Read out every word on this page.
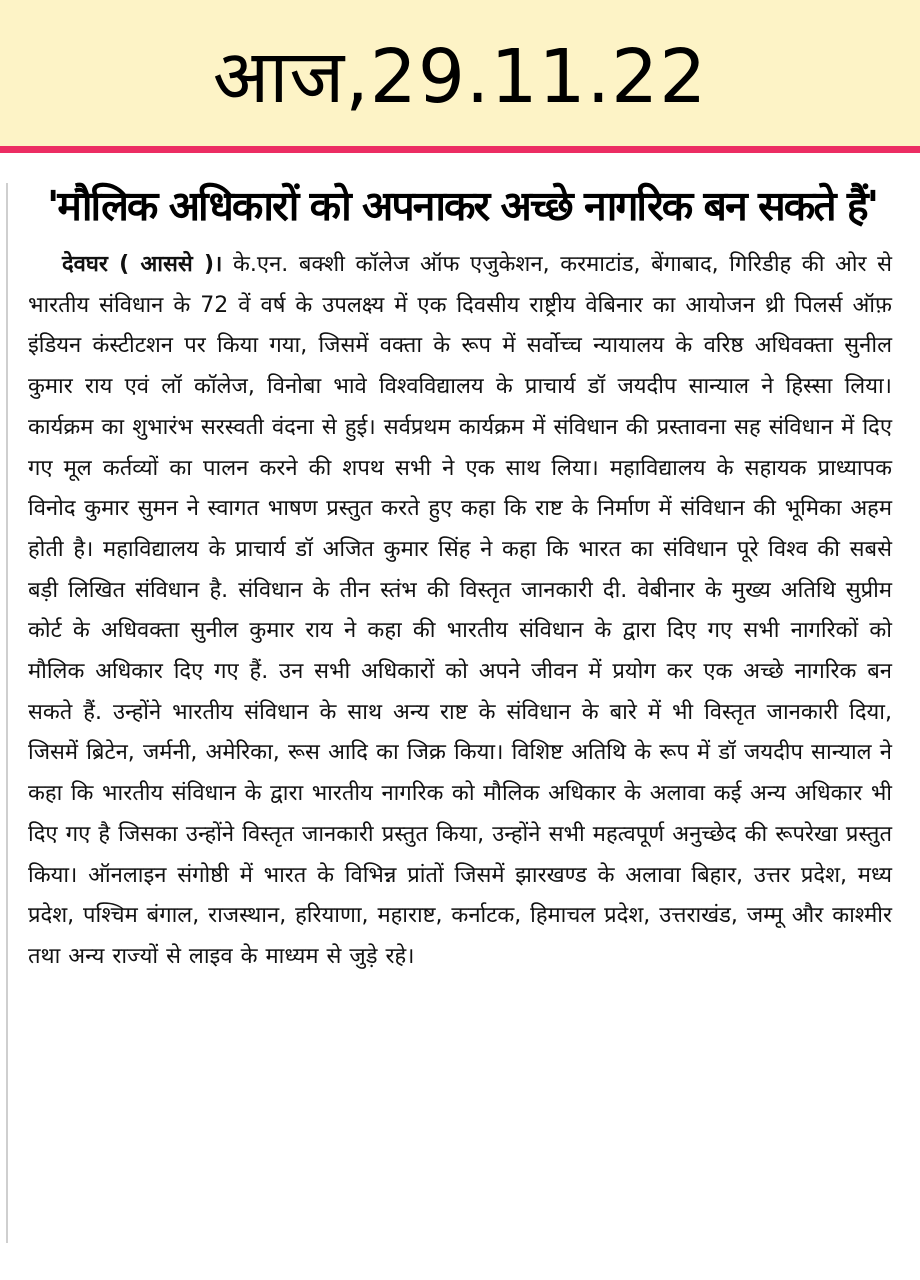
आज,29.11.22
'मौलिक अधिकारों को अपनाकर अच्छे नागरिक बन सकते हैं'

देवघर ( आससे )। के.एन. बक्शी कॉलेज ऑफ एजुकेशन, करमाटांड, बेंगाबाद, गिरिडीह की ओर से भारतीय संविधान के 72 वें वर्ष के उपलक्ष्य में एक दिवसीय राष्ट्रीय वेबिनार का आयोजन थ्री पिलर्स ऑफ़ इंडियन कंस्टीटशन पर किया गया, जिसमें वक्ता के रूप में सर्वोच्च न्यायालय के वरिष्ठ अधिवक्ता सुनील कुमार राय एवं लॉ कॉलेज, विनोबा भावे विश्वविद्यालय के प्राचार्य डॉ जयदीप सान्याल ने हिस्सा लिया। कार्यक्रम का शुभारंभ सरस्वती वंदना से हुई। सर्वप्रथम कार्यक्रम में संविधान की प्रस्तावना सह संविधान में दिए गए मूल कर्तव्यों का पालन करने की शपथ सभी ने एक साथ लिया। महाविद्यालय के सहायक प्राध्यापक विनोद कुमार सुमन ने स्वागत भाषण प्रस्तुत करते हुए कहा कि राष्ट के निर्माण में संविधान की भूमिका अहम होती है। महाविद्यालय के प्राचार्य डॉ अजित कुमार सिंह ने कहा कि भारत का संविधान पूरे विश्व की सबसे बड़ी लिखित संविधान है. संविधान के तीन स्तंभ की विस्तृत जानकारी दी. वेबीनार के मुख्य अतिथि सुप्रीम कोर्ट के अधिवक्ता सुनील कुमार राय ने कहा की भारतीय संविधान के द्वारा दिए गए सभी नागरिकों को मौलिक अधिकार दिए गए हैं. उन सभी अधिकारों को अपने जीवन में प्रयोग कर एक अच्छे नागरिक बन सकते हैं. उन्होंने भारतीय संविधान के साथ अन्य राष्ट के संविधान के बारे में भी विस्तृत जानकारी दिया, जिसमें ब्रिटेन, जर्मनी, अमेरिका, रूस आदि का जिक्र किया। विशिष्ट अतिथि के रूप में डॉ जयदीप सान्याल ने कहा कि भारतीय संविधान के द्वारा भारतीय नागरिक को मौलिक अधिकार के अलावा कई अन्य अधिकार भी दिए गए है जिसका उन्होंने विस्तृत जानकारी प्रस्तुत किया, उन्होंने सभी महत्वपूर्ण अनुच्छेद की रूपरेखा प्रस्तुत किया। ऑनलाइन संगोष्ठी में भारत के विभिन्न प्रांतों जिसमें झारखण्ड के अलावा बिहार, उत्तर प्रदेश, मध्य प्रदेश, पश्चिम बंगाल, राजस्थान, हरियाणा, महाराष्ट, कर्नाटक, हिमाचल प्रदेश, उत्तराखंड, जम्मू और काश्मीर तथा अन्य राज्यों से लाइव के माध्यम से जुड़े रहे।
